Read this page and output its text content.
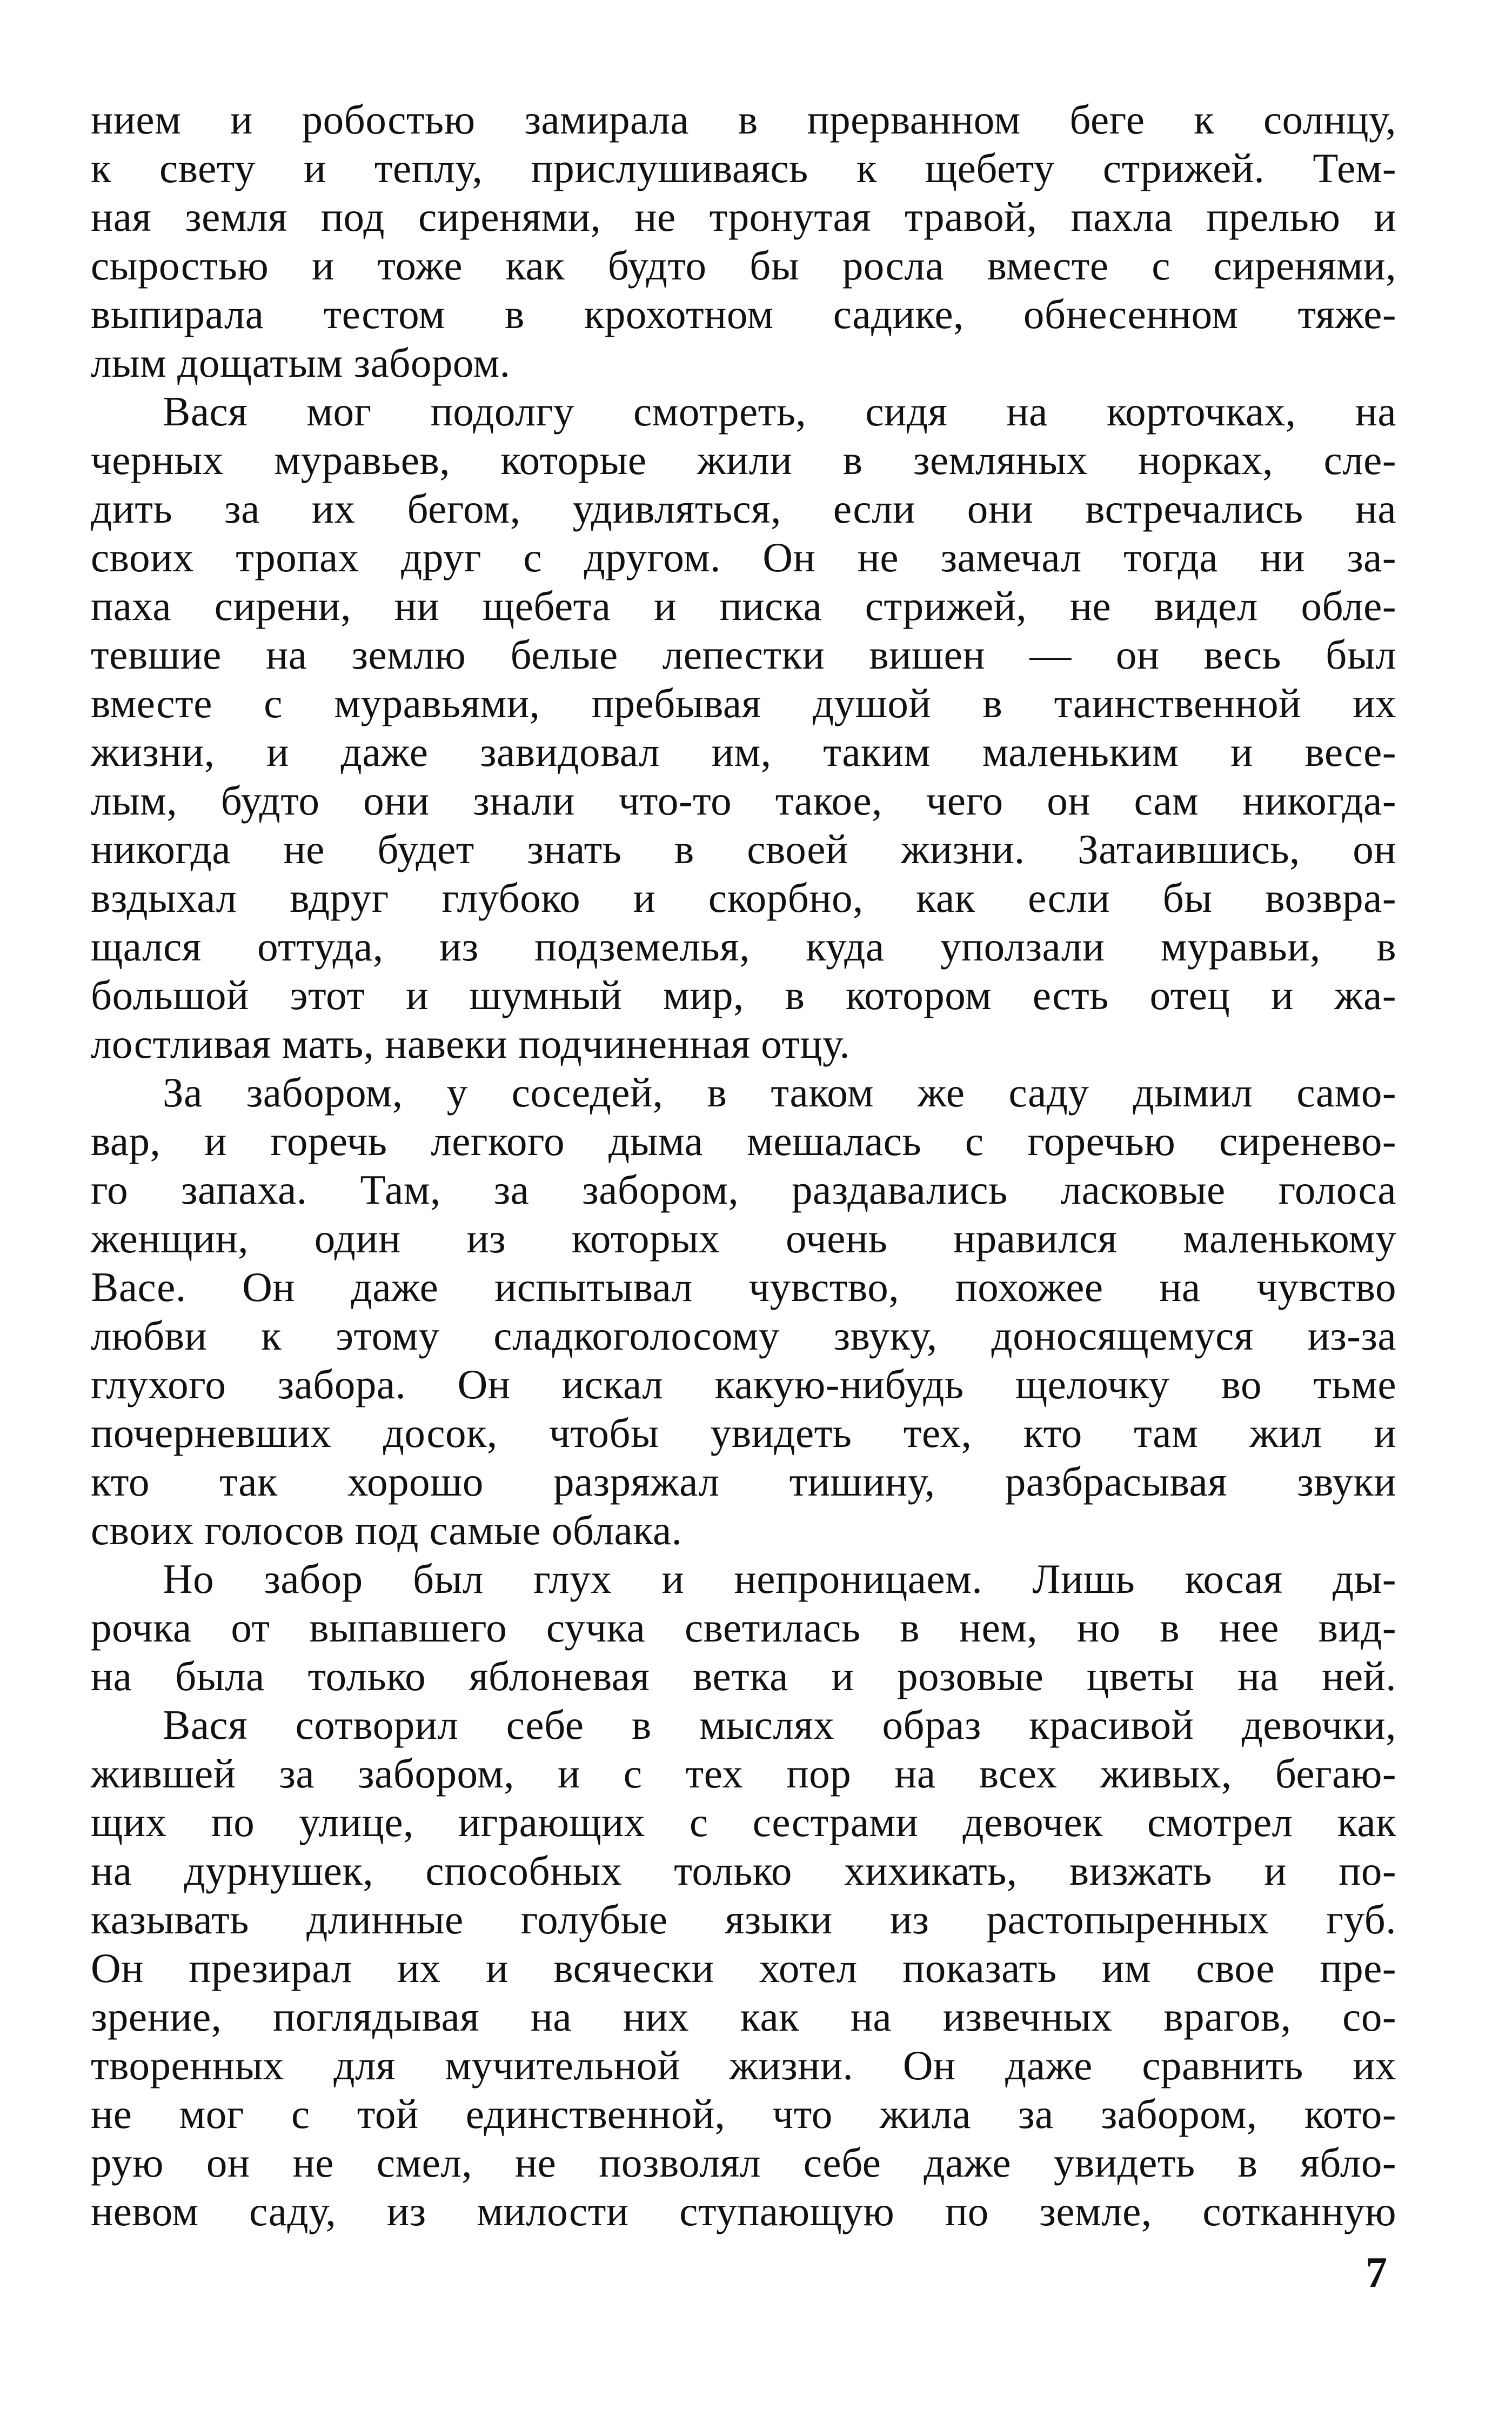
нием и робостью замирала в прерванном беге к солнцу,
к свету и теплу, прислушиваясь к щебету стрижей. Тем-
ная земля под сиренями, не тронутая травой, пахла прелью и
сыростью и тоже как будто бы росла вместе с сиренями,
выпирала тестом в крохотном садике, обнесенном тяже-
лым дощатым забором.
Вася мог подолгу смотреть, сидя на корточках, на
черных муравьев, которые жили в земляных норках, сле-
дить за их бегом, удивляться, если они встречались на
своих тропах друг с другом. Он не замечал тогда ни за-
паха сирени, ни щебета и писка стрижей, не видел обле-
тевшие на землю белые лепестки вишен — он весь был
вместе с муравьями, пребывая душой в таинственной их
жизни, и даже завидовал им, таким маленьким и весе-
лым, будто они знали что-то такое, чего он сам никогда-
никогда не будет знать в своей жизни. Затаившись, он
вздыхал вдруг глубоко и скорбно, как если бы возвра-
щался оттуда, из подземелья, куда уползали муравьи, в
большой этот и шумный мир, в котором есть отец и жа-
лостливая мать, навеки подчиненная отцу.
За забором, у соседей, в таком же саду дымил само-
вар, и горечь легкого дыма мешалась с горечью сиренево-
го запаха. Там, за забором, раздавались ласковые голоса
женщин, один из которых очень нравился маленькому
Васе. Он даже испытывал чувство, похожее на чувство
любви к этому сладкоголосому звуку, доносящемуся из-за
глухого забора. Он искал какую-нибудь щелочку во тьме
почерневших досок, чтобы увидеть тех, кто там жил и
кто так хорошо разряжал тишину, разбрасывая звуки
своих голосов под самые облака.
Но забор был глух и непроницаем. Лишь косая ды-
рочка от выпавшего сучка светилась в нем, но в нее вид-
на была только яблоневая ветка и розовые цветы на ней.
Вася сотворил себе в мыслях образ красивой девочки,
жившей за забором, и с тех пор на всех живых, бегаю-
щих по улице, играющих с сестрами девочек смотрел как
на дурнушек, способных только хихикать, визжать и по-
казывать длинные голубые языки из растопыренных губ.
Он презирал их и всячески хотел показать им свое пре-
зрение, поглядывая на них как на извечных врагов, со-
творенных для мучительной жизни. Он даже сравнить их
не мог с той единственной, что жила за забором, кото-
рую он не смел, не позволял себе даже увидеть в ябло-
невом саду, из милости ступающую по земле, сотканную
7
